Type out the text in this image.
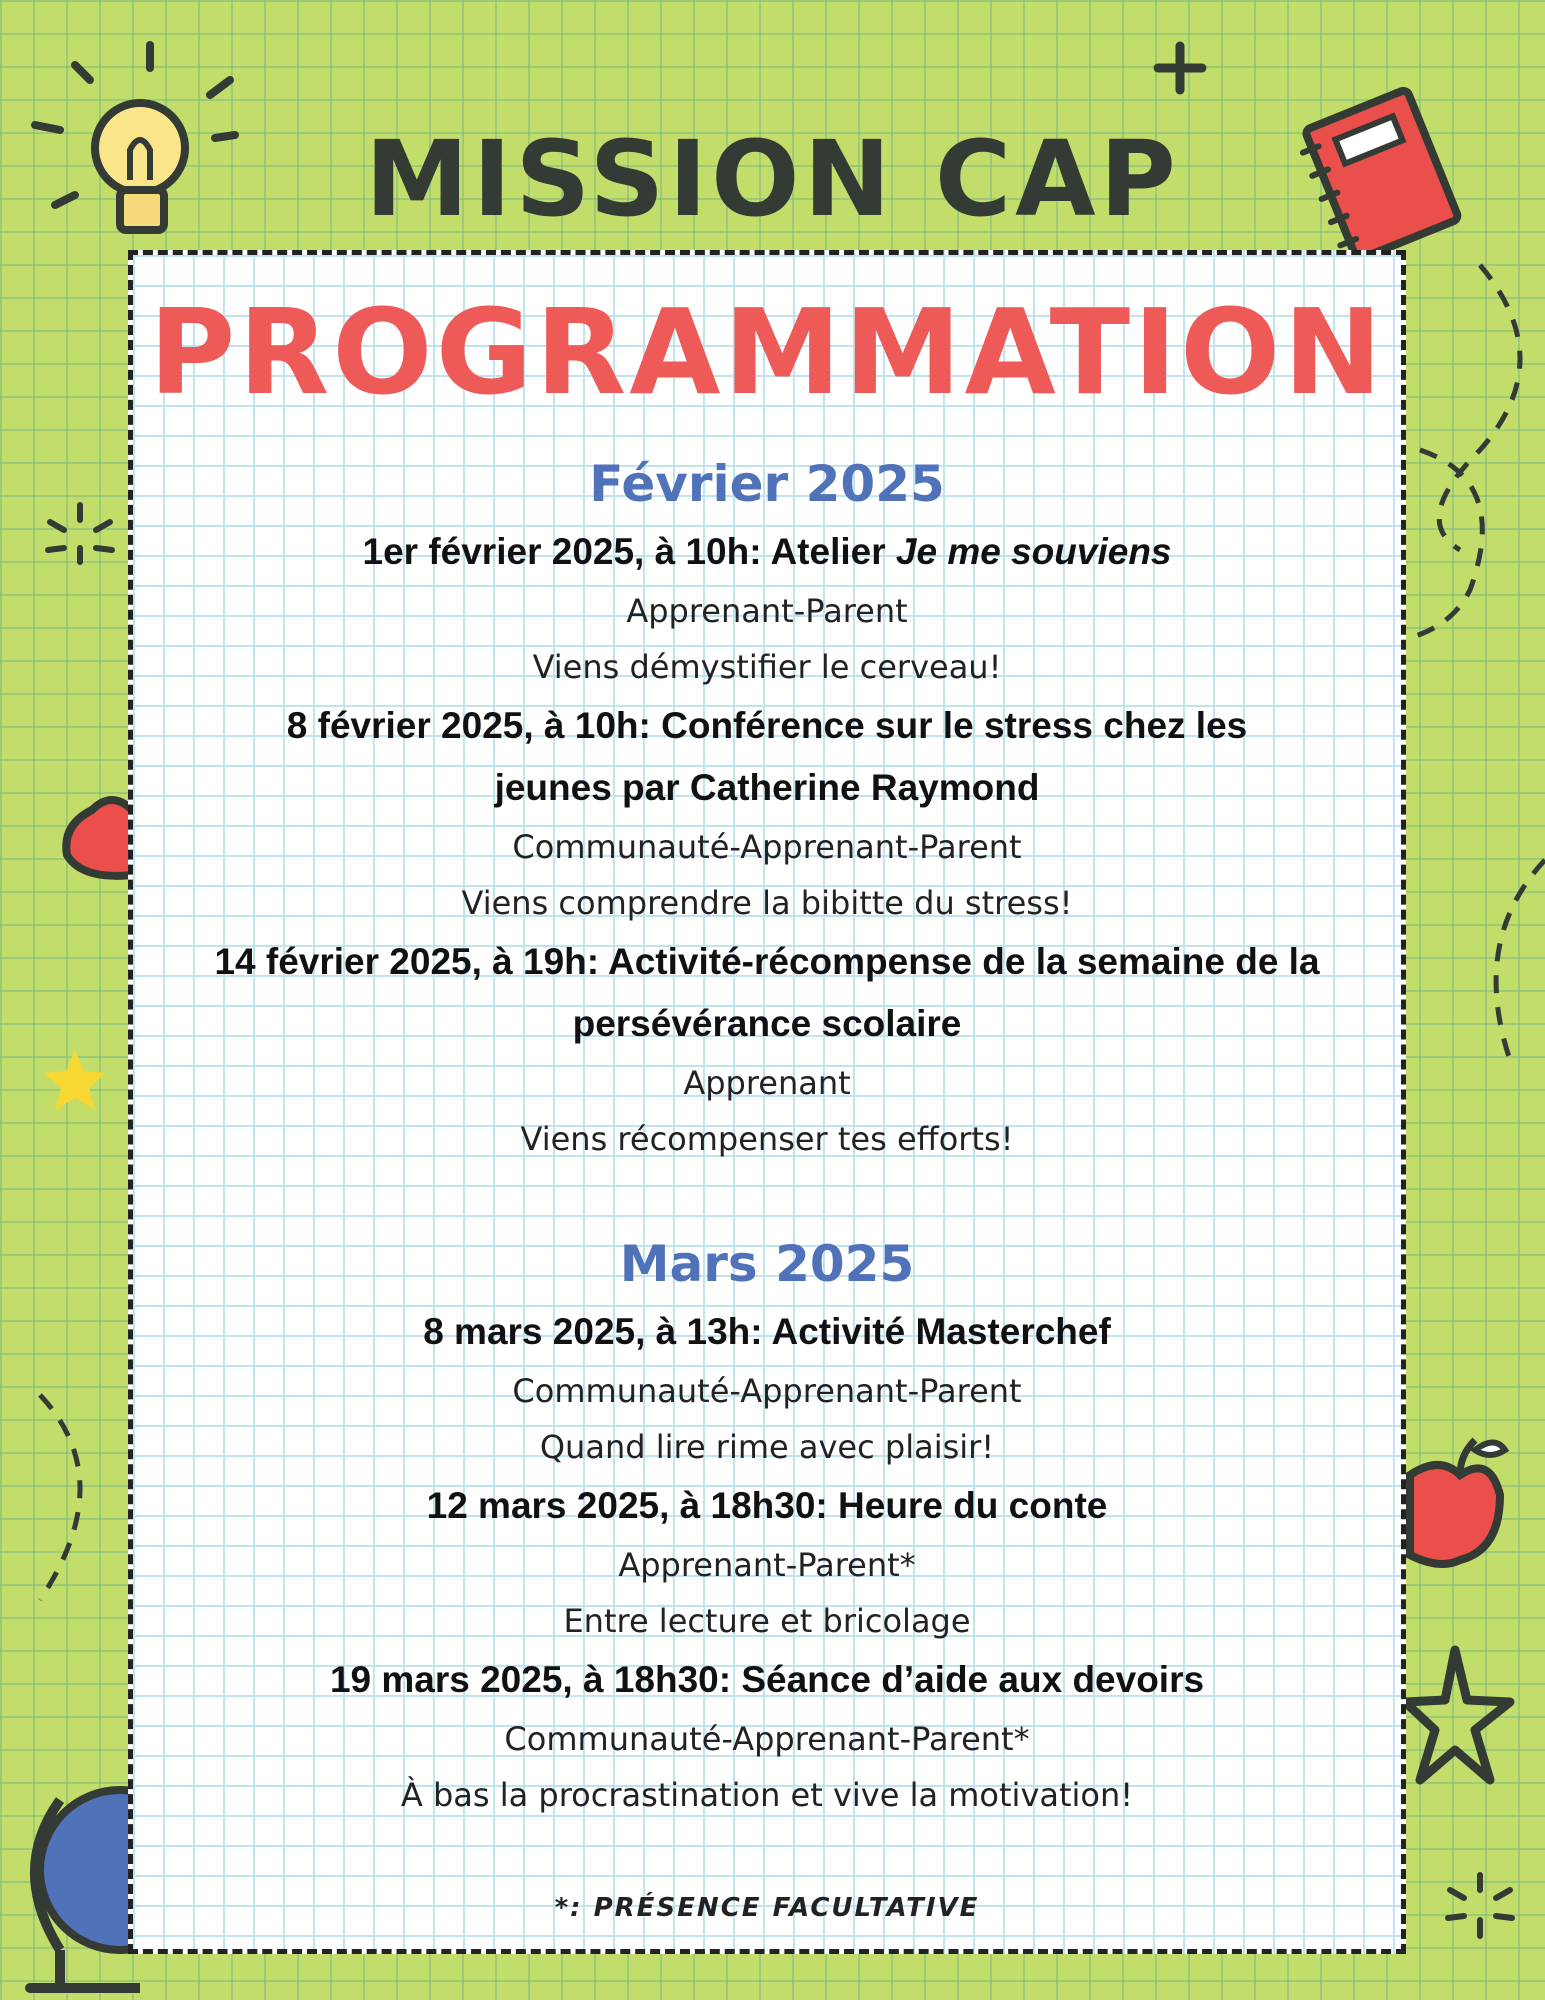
MISSION CAP
PROGRAMMATION
Février 2025

1er février 2025, à 10h: Atelier Je me souviens

Apprenant-Parent

Viens démystifier le cerveau!

8 février 2025, à 10h: Conférence sur le stress chez les jeunes par Catherine Raymond

Communauté-Apprenant-Parent

Viens comprendre la bibitte du stress!

14 février 2025, à 19h: Activité-récompense de la semaine de la persévérance scolaire

Apprenant

Viens récompenser tes efforts!

Mars 2025

8 mars 2025, à 13h: Activité Masterchef

Communauté-Apprenant-Parent

Quand lire rime avec plaisir!

12 mars 2025, à 18h30: Heure du conte

Apprenant-Parent*

Entre lecture et bricolage

19 mars 2025, à 18h30: Séance d’aide aux devoirs

Communauté-Apprenant-Parent*

À bas la procrastination et vive la motivation!

*: PRÉSENCE FACULTATIVE
